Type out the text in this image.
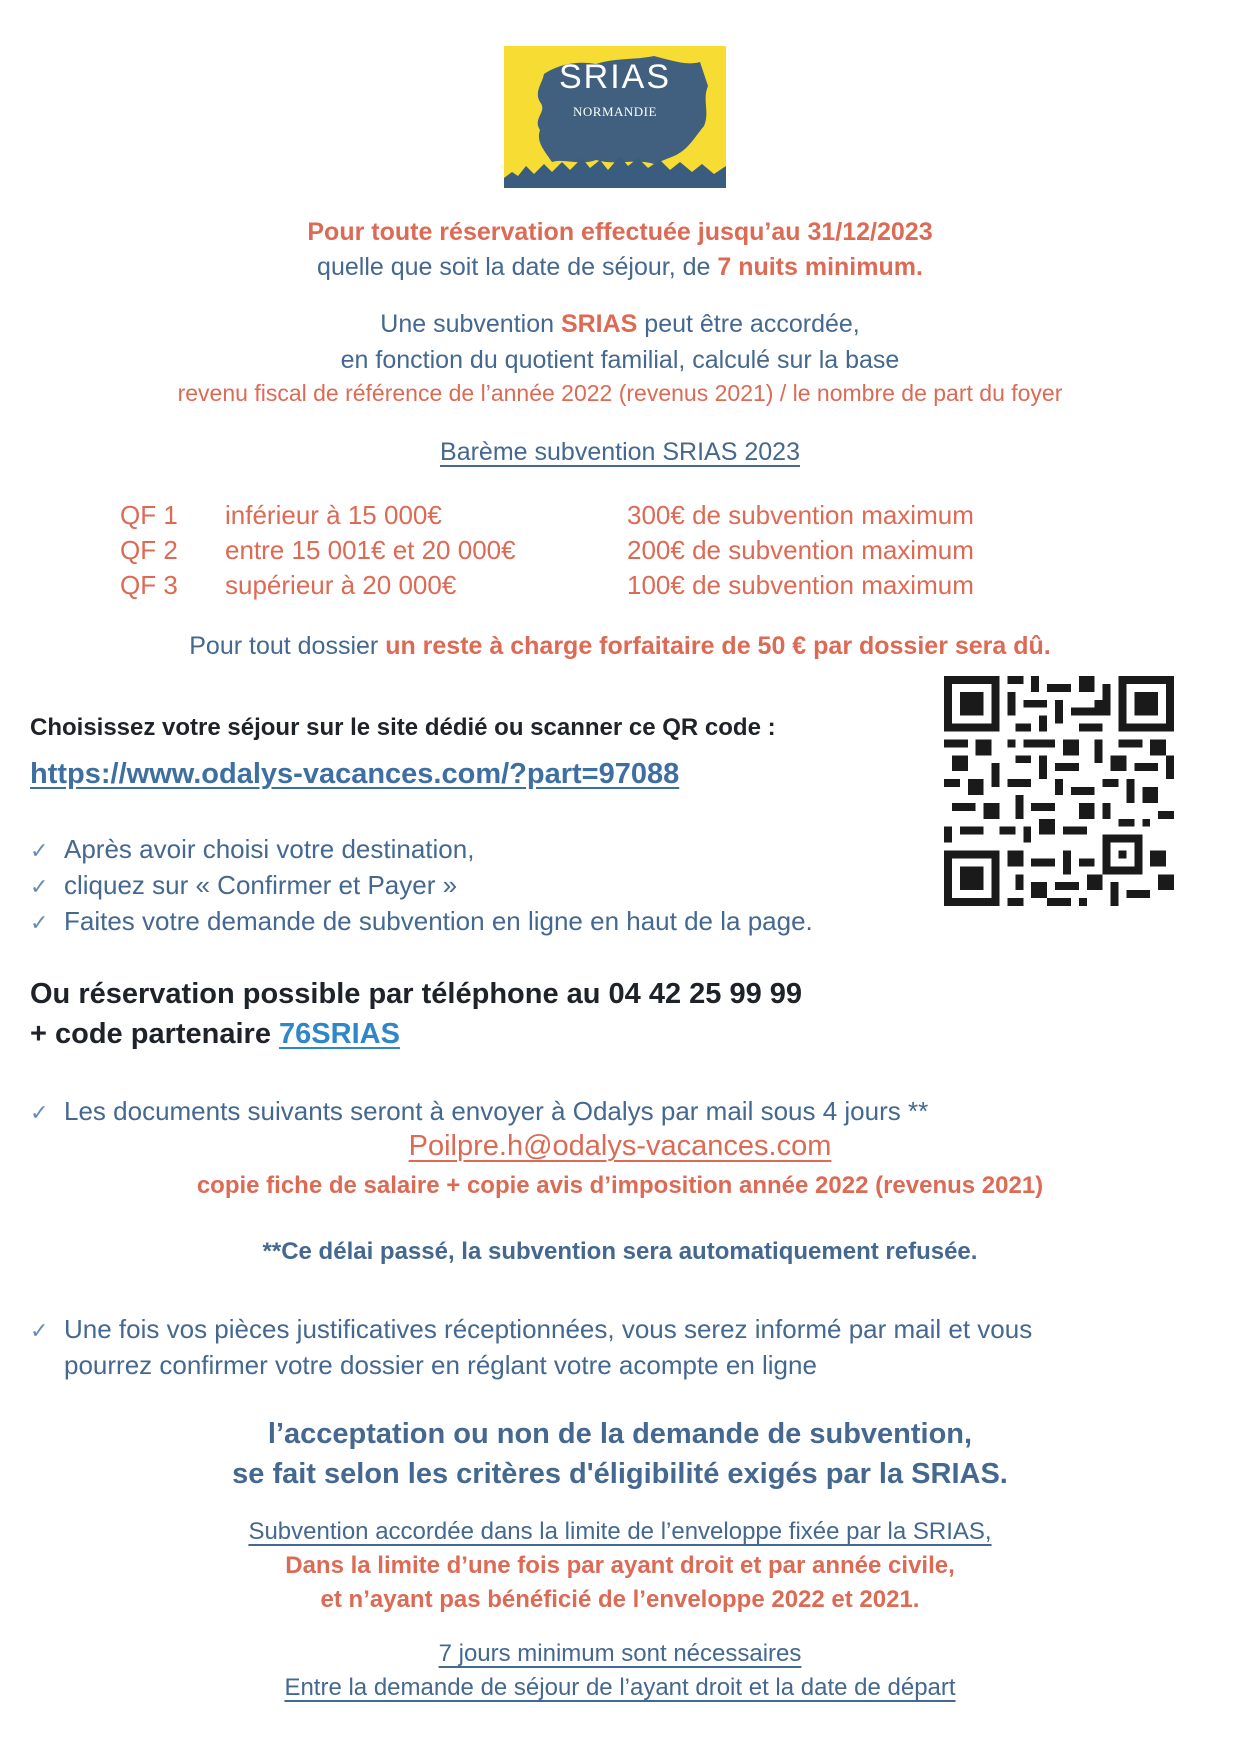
SRIAS
NORMANDIE
Pour toute réservation effectuée jusqu’au 31/12/2023
quelle que soit la date de séjour, de 7 nuits minimum.
Une subvention SRIAS peut être accordée,
en fonction du quotient familial, calculé sur la base
revenu fiscal de référence de l’année 2022 (revenus 2021) / le nombre de part du foyer
Barème subvention SRIAS 2023
QF 1	inférieur à 15 000€	300€ de subvention maximum
QF 2	entre 15 001€ et 20 000€	200€ de subvention maximum
QF 3	supérieur à 20 000€	100€ de subvention maximum
Pour tout dossier un reste à charge forfaitaire de 50 € par dossier sera dû.
Choisissez votre séjour sur le site dédié ou scanner ce QR code :
https://www.odalys-vacances.com/?part=97088
✓ Après avoir choisi votre destination,
✓ cliquez sur « Confirmer et Payer »
✓ Faites votre demande de subvention en ligne en haut de la page.
Ou réservation possible par téléphone au 04 42 25 99 99
+ code partenaire 76SRIAS
✓ Les documents suivants seront à envoyer à Odalys par mail sous 4 jours **
Poilpre.h@odalys-vacances.com
copie fiche de salaire + copie avis d’imposition année 2022 (revenus 2021)
**Ce délai passé, la subvention sera automatiquement refusée.
✓ Une fois vos pièces justificatives réceptionnées, vous serez informé par mail et vous
pourrez confirmer votre dossier en réglant votre acompte en ligne
l’acceptation ou non de la demande de subvention,
se fait selon les critères d'éligibilité exigés par la SRIAS.
Subvention accordée dans la limite de l’enveloppe fixée par la SRIAS,
Dans la limite d’une fois par ayant droit et par année civile,
et n’ayant pas bénéficié de l’enveloppe 2022 et 2021.
7 jours minimum sont nécessaires
Entre la demande de séjour de l’ayant droit et la date de départ
